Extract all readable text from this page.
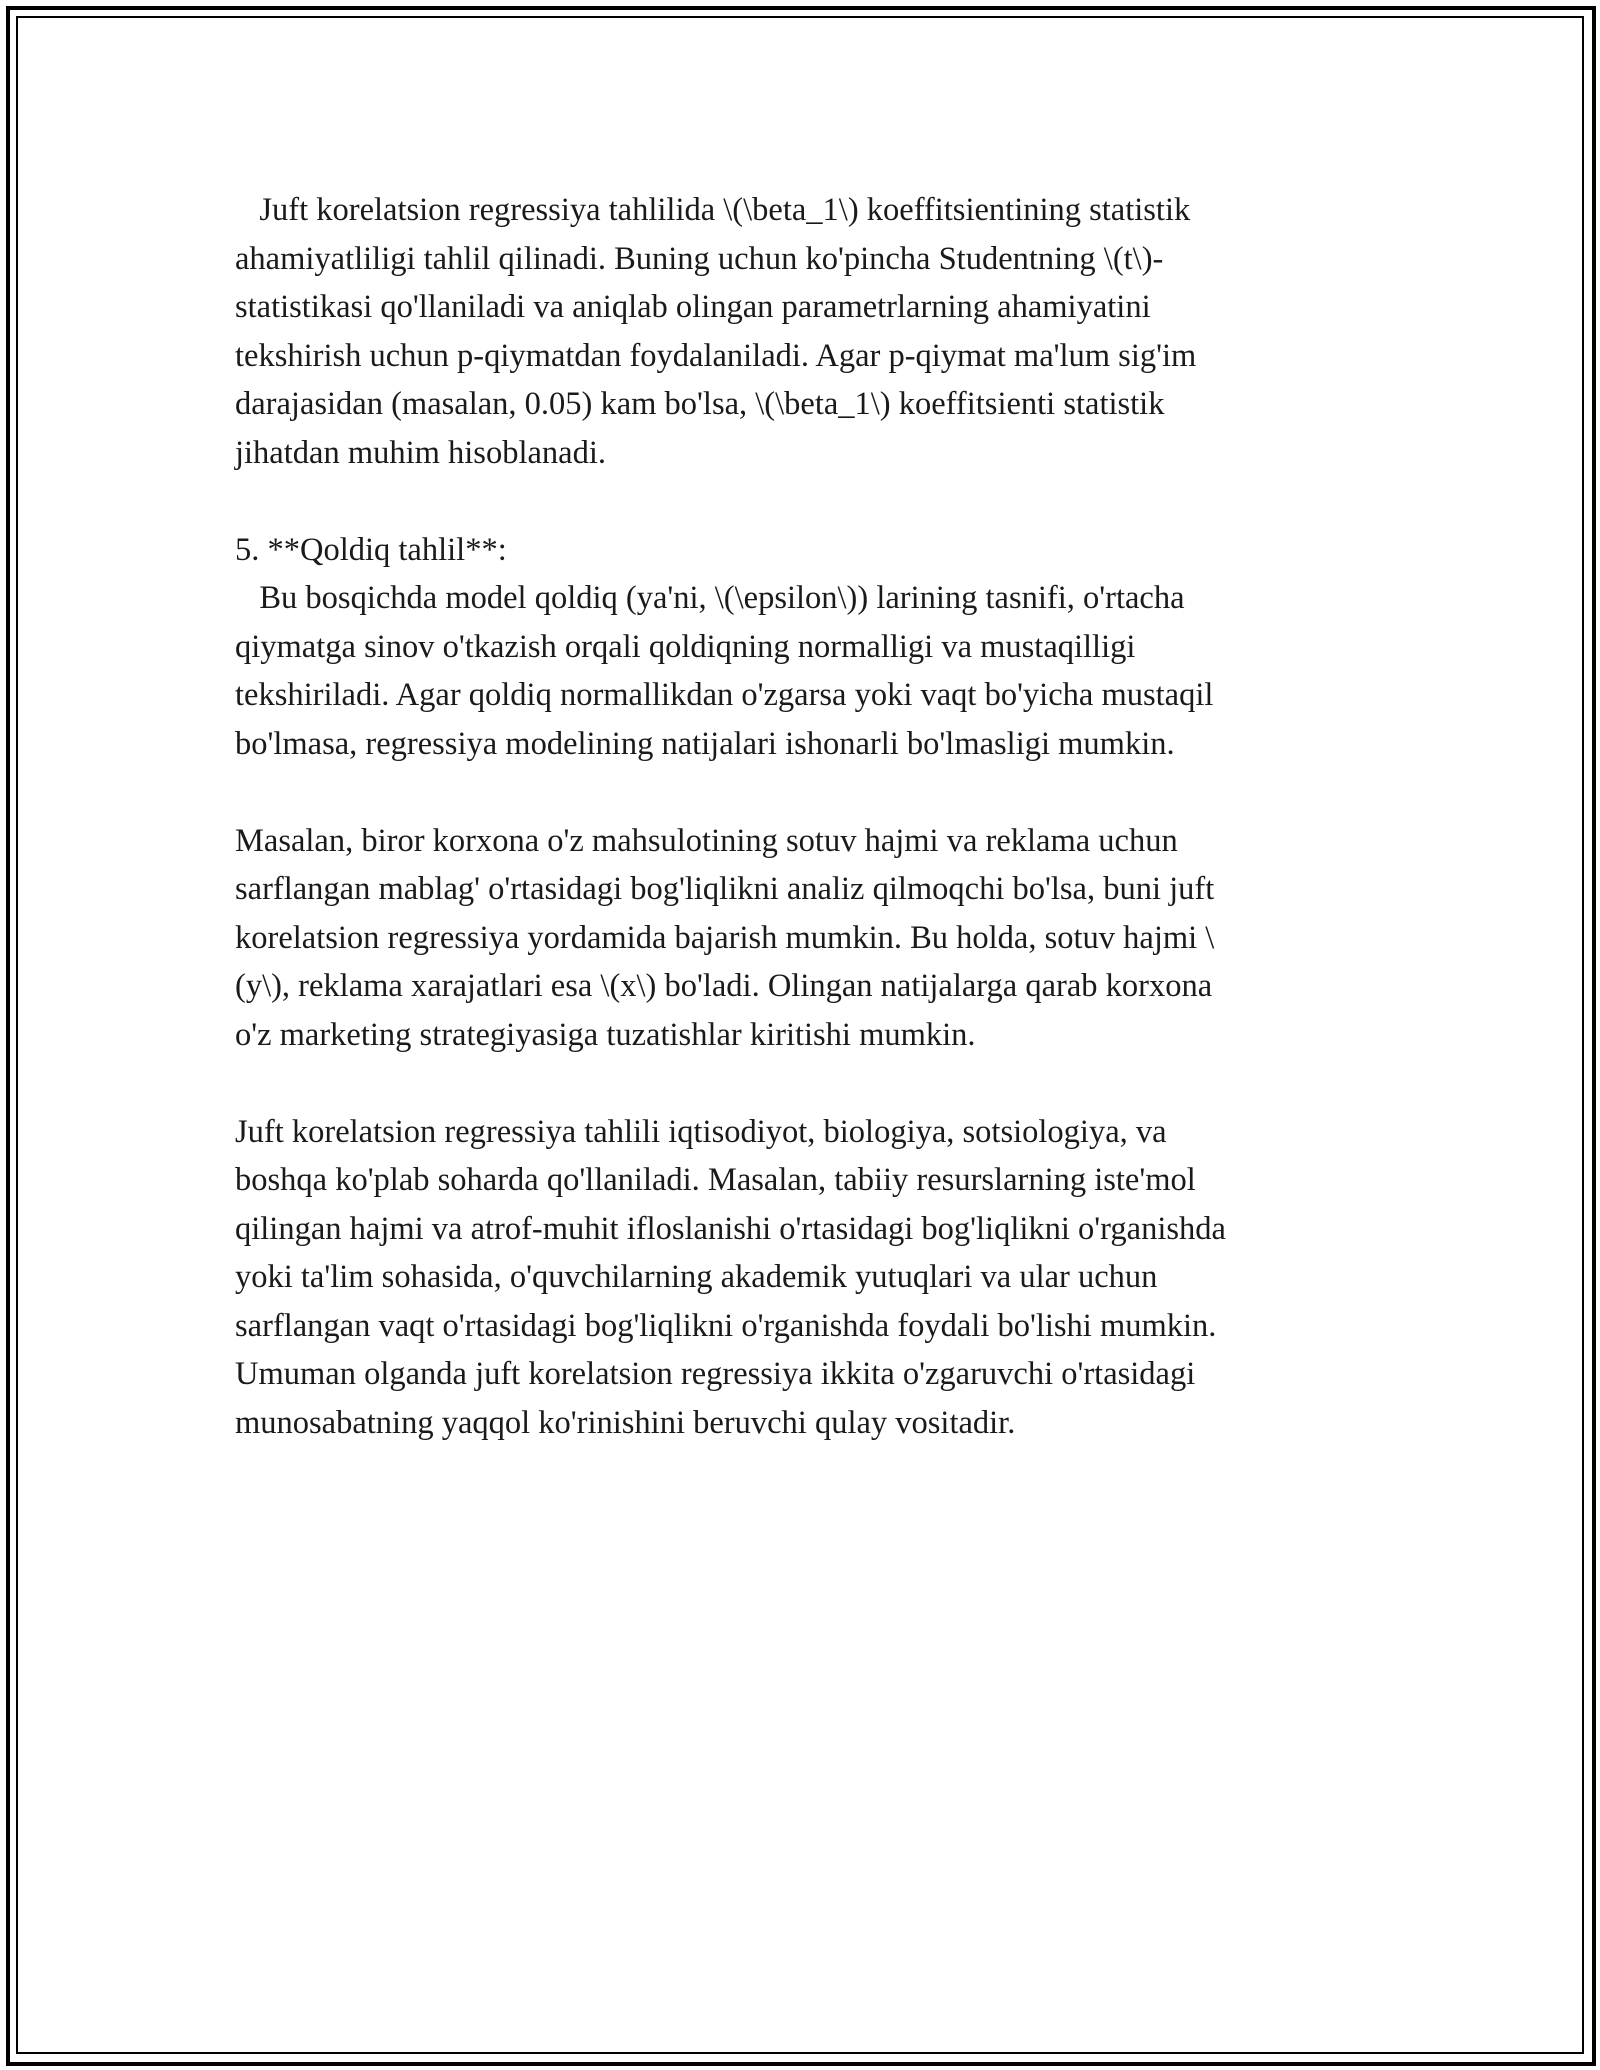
Juft korelatsion regressiya tahlilida \(\beta_1\) koeffitsientining statistik
ahamiyatliligi tahlil qilinadi. Buning uchun ko'pincha Studentning \(t\)-
statistikasi qo'llaniladi va aniqlab olingan parametrlarning ahamiyatini
tekshirish uchun p-qiymatdan foydalaniladi. Agar p-qiymat ma'lum sig'im
darajasidan (masalan, 0.05) kam bo'lsa, \(\beta_1\) koeffitsienti statistik
jihatdan muhim hisoblanadi.
5. **Qoldiq tahlil**:
Bu bosqichda model qoldiq (ya'ni, \(\epsilon\)) larining tasnifi, o'rtacha
qiymatga sinov o'tkazish orqali qoldiqning normalligi va mustaqilligi
tekshiriladi. Agar qoldiq normallikdan o'zgarsa yoki vaqt bo'yicha mustaqil
bo'lmasa, regressiya modelining natijalari ishonarli bo'lmasligi mumkin.
Masalan, biror korxona o'z mahsulotining sotuv hajmi va reklama uchun
sarflangan mablag' o'rtasidagi bog'liqlikni analiz qilmoqchi bo'lsa, buni juft
korelatsion regressiya yordamida bajarish mumkin. Bu holda, sotuv hajmi \
(y\), reklama xarajatlari esa \(x\) bo'ladi. Olingan natijalarga qarab korxona
o'z marketing strategiyasiga tuzatishlar kiritishi mumkin.
Juft korelatsion regressiya tahlili iqtisodiyot, biologiya, sotsiologiya, va
boshqa ko'plab soharda qo'llaniladi. Masalan, tabiiy resurslarning iste'mol
qilingan hajmi va atrof-muhit ifloslanishi o'rtasidagi bog'liqlikni o'rganishda
yoki ta'lim sohasida, o'quvchilarning akademik yutuqlari va ular uchun
sarflangan vaqt o'rtasidagi bog'liqlikni o'rganishda foydali bo'lishi mumkin.
Umuman olganda juft korelatsion regressiya ikkita o'zgaruvchi o'rtasidagi
munosabatning yaqqol ko'rinishini beruvchi qulay vositadir.
